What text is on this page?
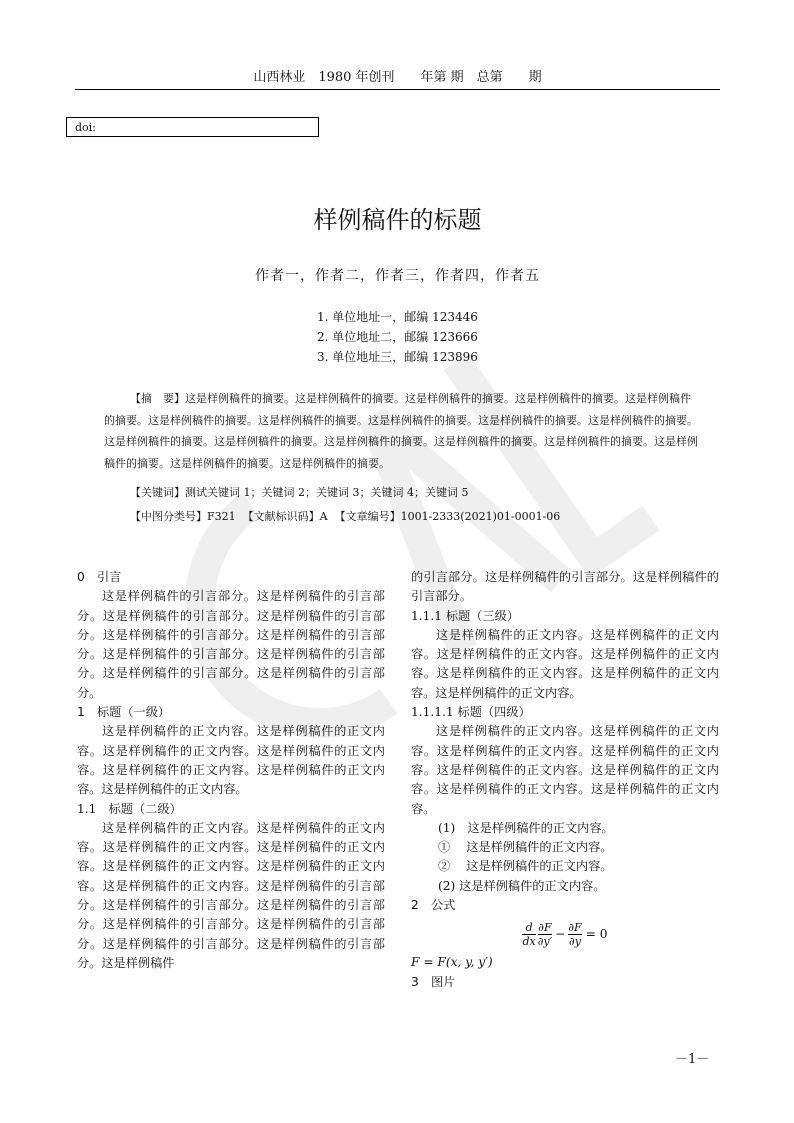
山西林业　1980 年创刊　　年第 期　总第　　期
doi:
样例稿件的标题
作者一，作者二，作者三，作者四，作者五
1. 单位地址一，邮编 123446
2. 单位地址二，邮编 123666
3. 单位地址三，邮编 123896
【摘　要】这是样例稿件的摘要。这是样例稿件的摘要。这是样例稿件的摘要。这是样例稿件的摘要。这是样例稿件的摘要。这是样例稿件的摘要。这是样例稿件的摘要。这是样例稿件的摘要。这是样例稿件的摘要。这是样例稿件的摘要。这是样例稿件的摘要。这是样例稿件的摘要。这是样例稿件的摘要。这是样例稿件的摘要。这是样例稿件的摘要。这是样例稿件的摘要。这是样例稿件的摘要。这是样例稿件的摘要。
【关键词】测试关键词 1；关键词 2；关键词 3；关键词 4；关键词 5
【中图分类号】F321 【文献标识码】A 【文章编号】1001-2333(2021)01-0001-06

0　引言

这是样例稿件的引言部分。这是样例稿件的引言部分。这是样例稿件的引言部分。这是样例稿件的引言部分。这是样例稿件的引言部分。这是样例稿件的引言部分。这是样例稿件的引言部分。这是样例稿件的引言部分。这是样例稿件的引言部分。这是样例稿件的引言部分。

1　标题（一级）

这是样例稿件的正文内容。这是样例稿件的正文内容。这是样例稿件的正文内容。这是样例稿件的正文内容。这是样例稿件的正文内容。这是样例稿件的正文内容。这是样例稿件的正文内容。

1.1　标题（二级）

这是样例稿件的正文内容。这是样例稿件的正文内容。这是样例稿件的正文内容。这是样例稿件的正文内容。这是样例稿件的正文内容。这是样例稿件的正文内容。这是样例稿件的正文内容。这是样例稿件的引言部分。这是样例稿件的引言部分。这是样例稿件的引言部分。这是样例稿件的引言部分。这是样例稿件的引言部分。这是样例稿件的引言部分。这是样例稿件的引言部分。这是样例稿件

的引言部分。这是样例稿件的引言部分。这是样例稿件的引言部分。

1.1.1 标题（三级）

这是样例稿件的正文内容。这是样例稿件的正文内容。这是样例稿件的正文内容。这是样例稿件的正文内容。这是样例稿件的正文内容。这是样例稿件的正文内容。这是样例稿件的正文内容。

1.1.1.1 标题（四级）

这是样例稿件的正文内容。这是样例稿件的正文内容。这是样例稿件的正文内容。这是样例稿件的正文内容。这是样例稿件的正文内容。这是样例稿件的正文内容。这是样例稿件的正文内容。这是样例稿件的正文内容。

(1)　这是样例稿件的正文内容。

①　 这是样例稿件的正文内容。

②　 这是样例稿件的正文内容。

(2) 这是样例稿件的正文内容。

2　公式

d
dx
∂F
∂y′
− $\frac{\partial F}{\partial y} = 0$

F = F(x, y, y′)

3　图片

－1－
